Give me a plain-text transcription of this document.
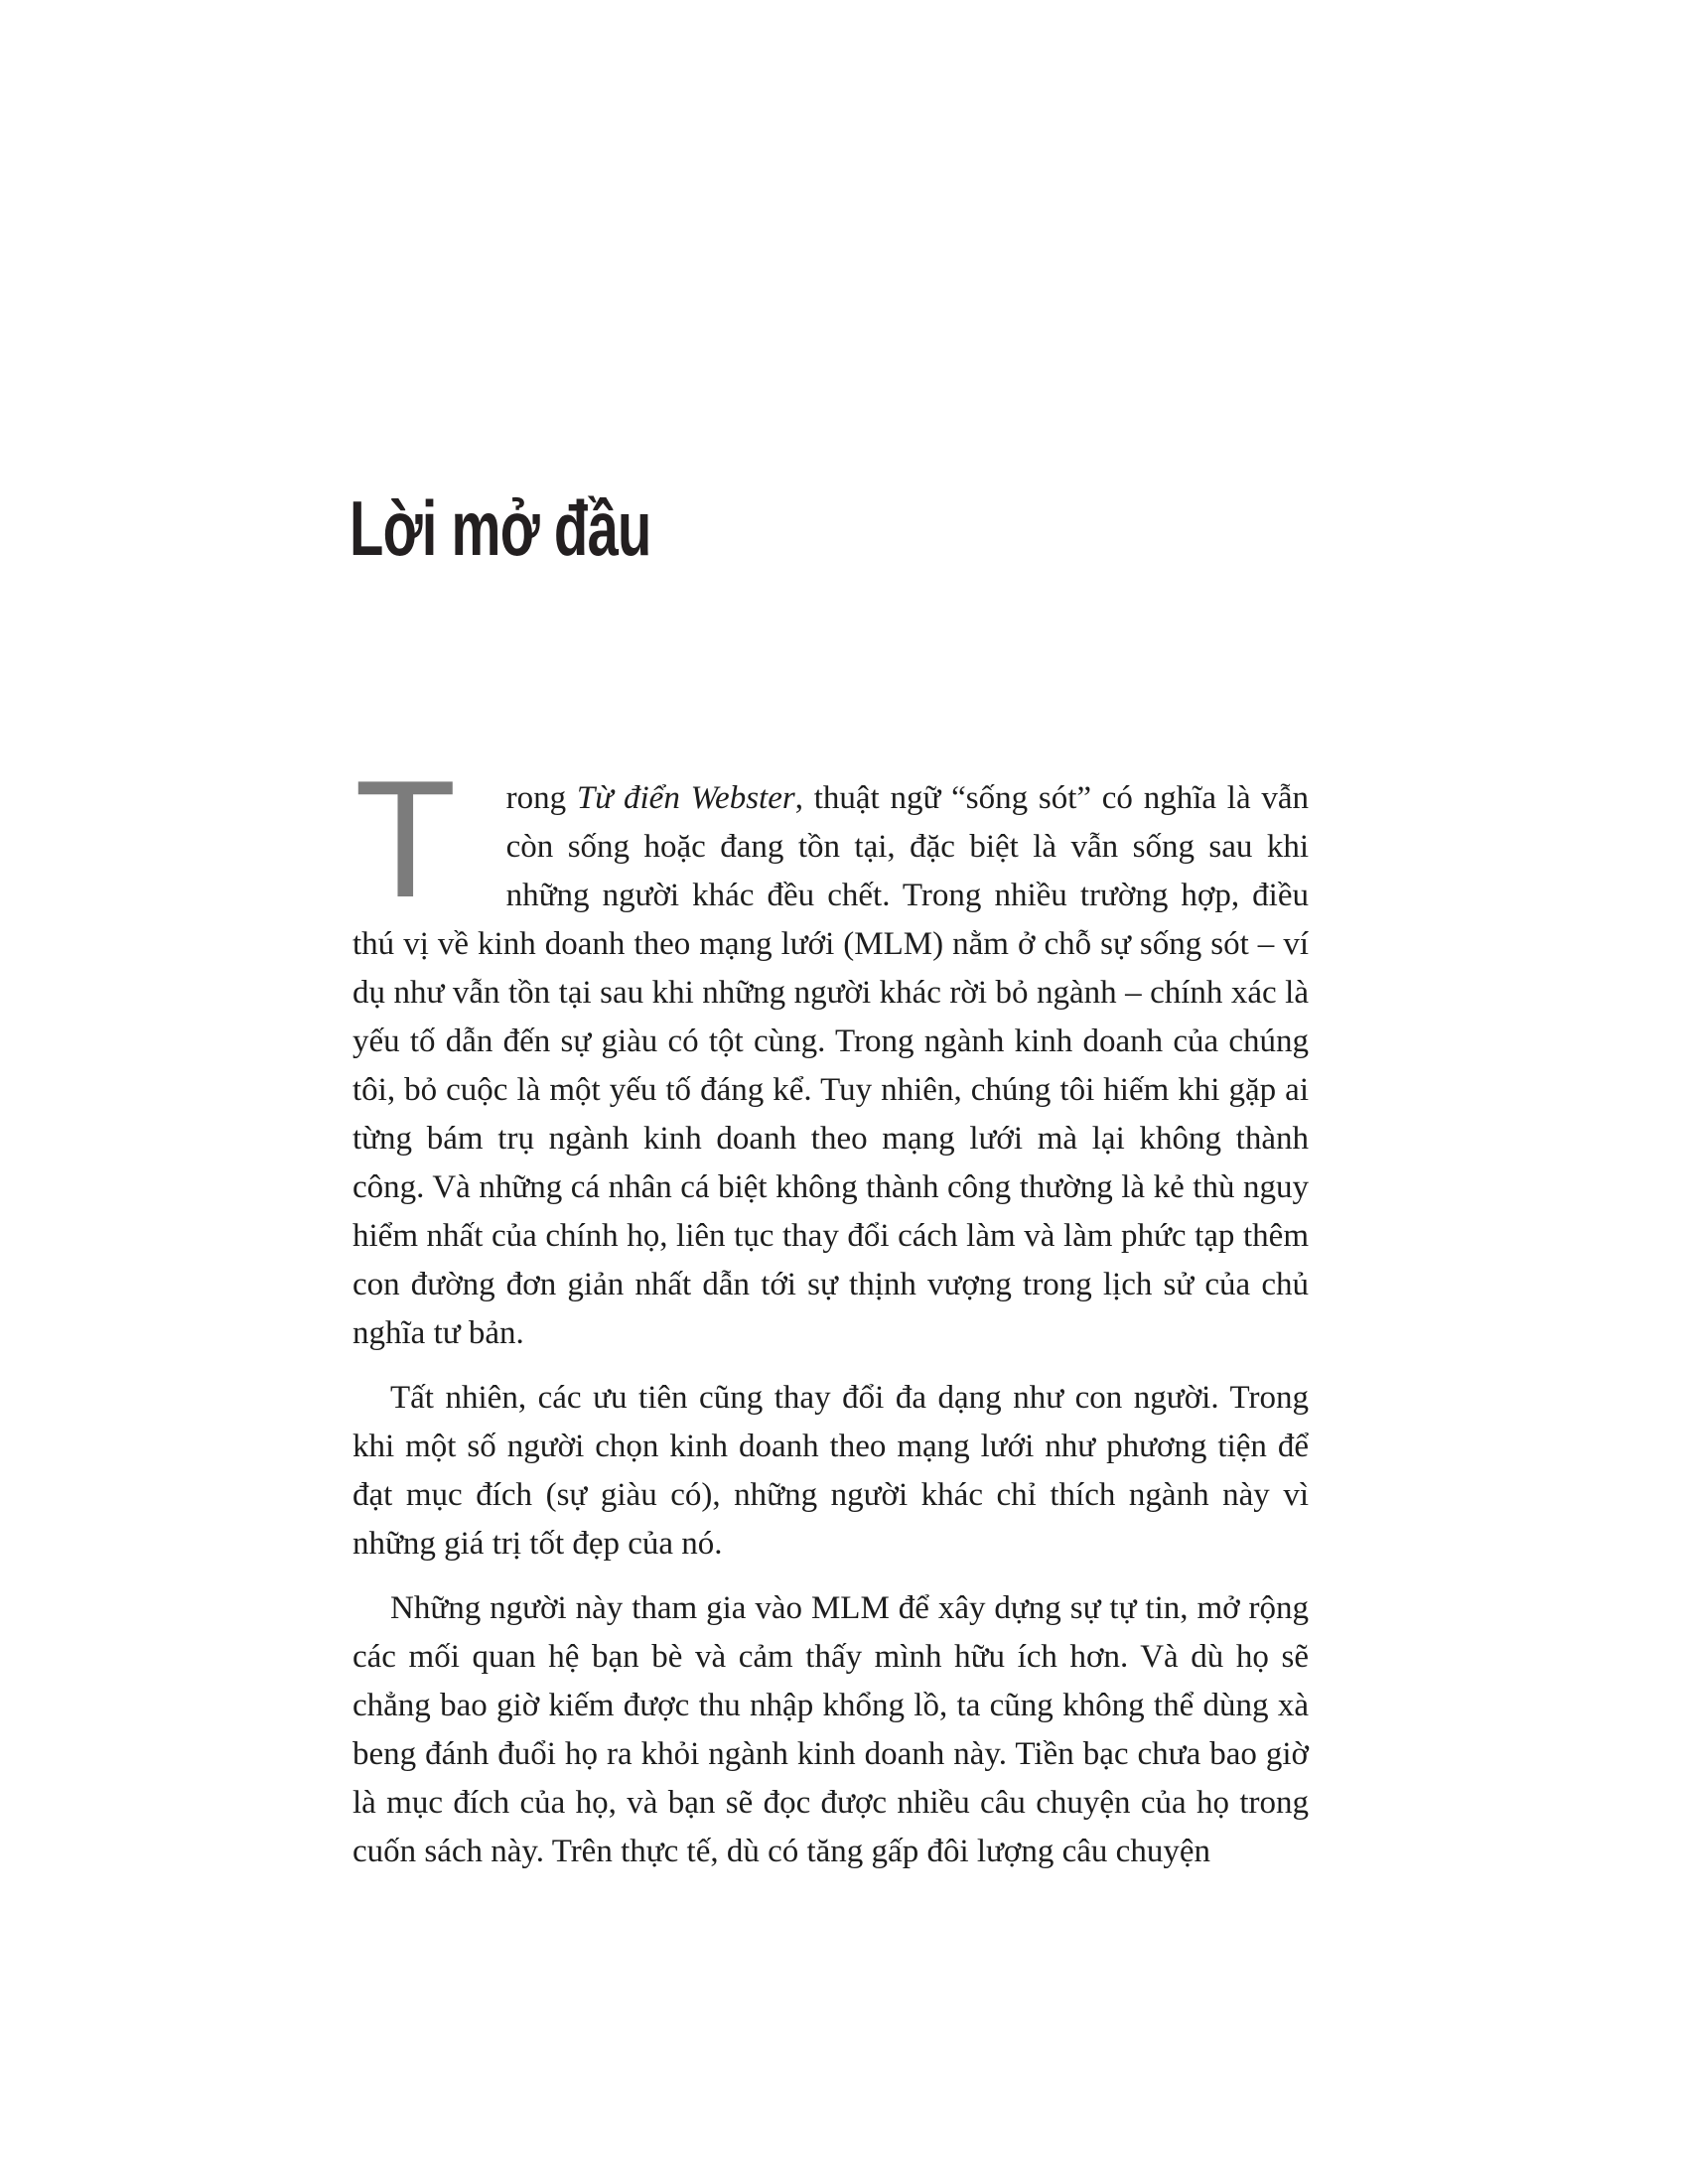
Lời mở đầu

T rong Từ điển Webster, thuật ngữ “sống sót” có nghĩa là vẫn còn sống hoặc đang tồn tại, đặc biệt là vẫn sống sau khi những người khác đều chết. Trong nhiều trường hợp, điều thú vị về kinh doanh theo mạng lưới (MLM) nằm ở chỗ sự sống sót – ví dụ như vẫn tồn tại sau khi những người khác rời bỏ ngành – chính xác là yếu tố dẫn đến sự giàu có tột cùng. Trong ngành kinh doanh của chúng tôi, bỏ cuộc là một yếu tố đáng kể. Tuy nhiên, chúng tôi hiếm khi gặp ai từng bám trụ ngành kinh doanh theo mạng lưới mà lại không thành công. Và những cá nhân cá biệt không thành công thường là kẻ thù nguy hiểm nhất của chính họ, liên tục thay đổi cách làm và làm phức tạp thêm con đường đơn giản nhất dẫn tới sự thịnh vượng trong lịch sử của chủ nghĩa tư bản.

Tất nhiên, các ưu tiên cũng thay đổi đa dạng như con người. Trong khi một số người chọn kinh doanh theo mạng lưới như phương tiện để đạt mục đích (sự giàu có), những người khác chỉ thích ngành này vì những giá trị tốt đẹp của nó.

Những người này tham gia vào MLM để xây dựng sự tự tin, mở rộng các mối quan hệ bạn bè và cảm thấy mình hữu ích hơn. Và dù họ sẽ chẳng bao giờ kiếm được thu nhập khổng lồ, ta cũng không thể dùng xà beng đánh đuổi họ ra khỏi ngành kinh doanh này. Tiền bạc chưa bao giờ là mục đích của họ, và bạn sẽ đọc được nhiều câu chuyện của họ trong cuốn sách này. Trên thực tế, dù có tăng gấp đôi lượng câu chuyện
